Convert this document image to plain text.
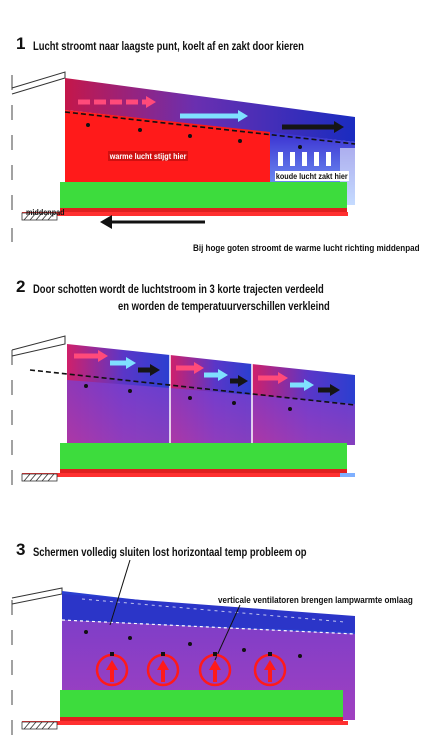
1 Lucht stroomt naar laagste punt, koelt af en zakt door kieren
warme lucht stijgt hier
koude lucht zakt hier
middenpad
Bij hoge goten stroomt de warme lucht richting middenpad
2 Door schotten wordt de luchtstroom in 3 korte trajecten verdeeld
en worden de temperatuurverschillen verkleind
3 Schermen volledig sluiten lost horizontaal temp probleem op
verticale ventilatoren brengen lampwarmte omlaag
